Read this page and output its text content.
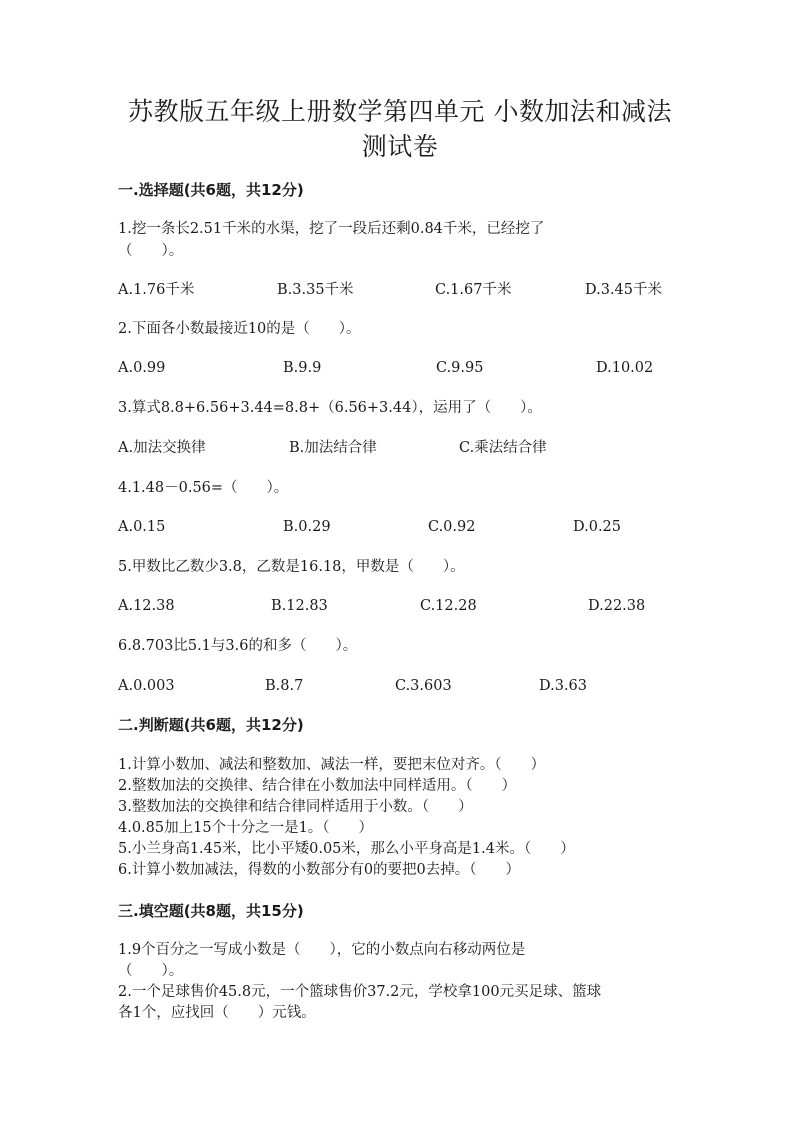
苏教版五年级上册数学第四单元 小数加法和减法
测试卷
一.选择题(共6题，共12分)
1.挖一条长2.51千米的水渠，挖了一段后还剩0.84千米，已经挖了
（　　）。
A.1.76千米	B.3.35千米	C.1.67千米	D.3.45千米
2.下面各小数最接近10的是（　　）。
A.0.99	B.9.9	C.9.95	D.10.02
3.算式8.8+6.56+3.44=8.8+（6.56+3.44），运用了（　　）。
A.加法交换律	B.加法结合律	C.乘法结合律
4.1.48－0.56=（　　）。
A.0.15	B.0.29	C.0.92	D.0.25
5.甲数比乙数少3.8，乙数是16.18，甲数是（　　）。
A.12.38	B.12.83	C.12.28	D.22.38
6.8.703比5.1与3.6的和多（　　）。
A.0.003	B.8.7	C.3.603	D.3.63
二.判断题(共6题，共12分)
1.计算小数加、减法和整数加、减法一样，要把末位对齐。（　　）
2.整数加法的交换律、结合律在小数加法中同样适用。（　　）
3.整数加法的交换律和结合律同样适用于小数。（　　）
4.0.85加上15个十分之一是1。（　　）
5.小兰身高1.45米，比小平矮0.05米，那么小平身高是1.4米。（　　）
6.计算小数加减法，得数的小数部分有0的要把0去掉。（　　）
三.填空题(共8题，共15分)
1.9个百分之一写成小数是（　　），它的小数点向右移动两位是
（　　）。
2.一个足球售价45.8元，一个篮球售价37.2元，学校拿100元买足球、篮球
各1个，应找回（　　）元钱。
